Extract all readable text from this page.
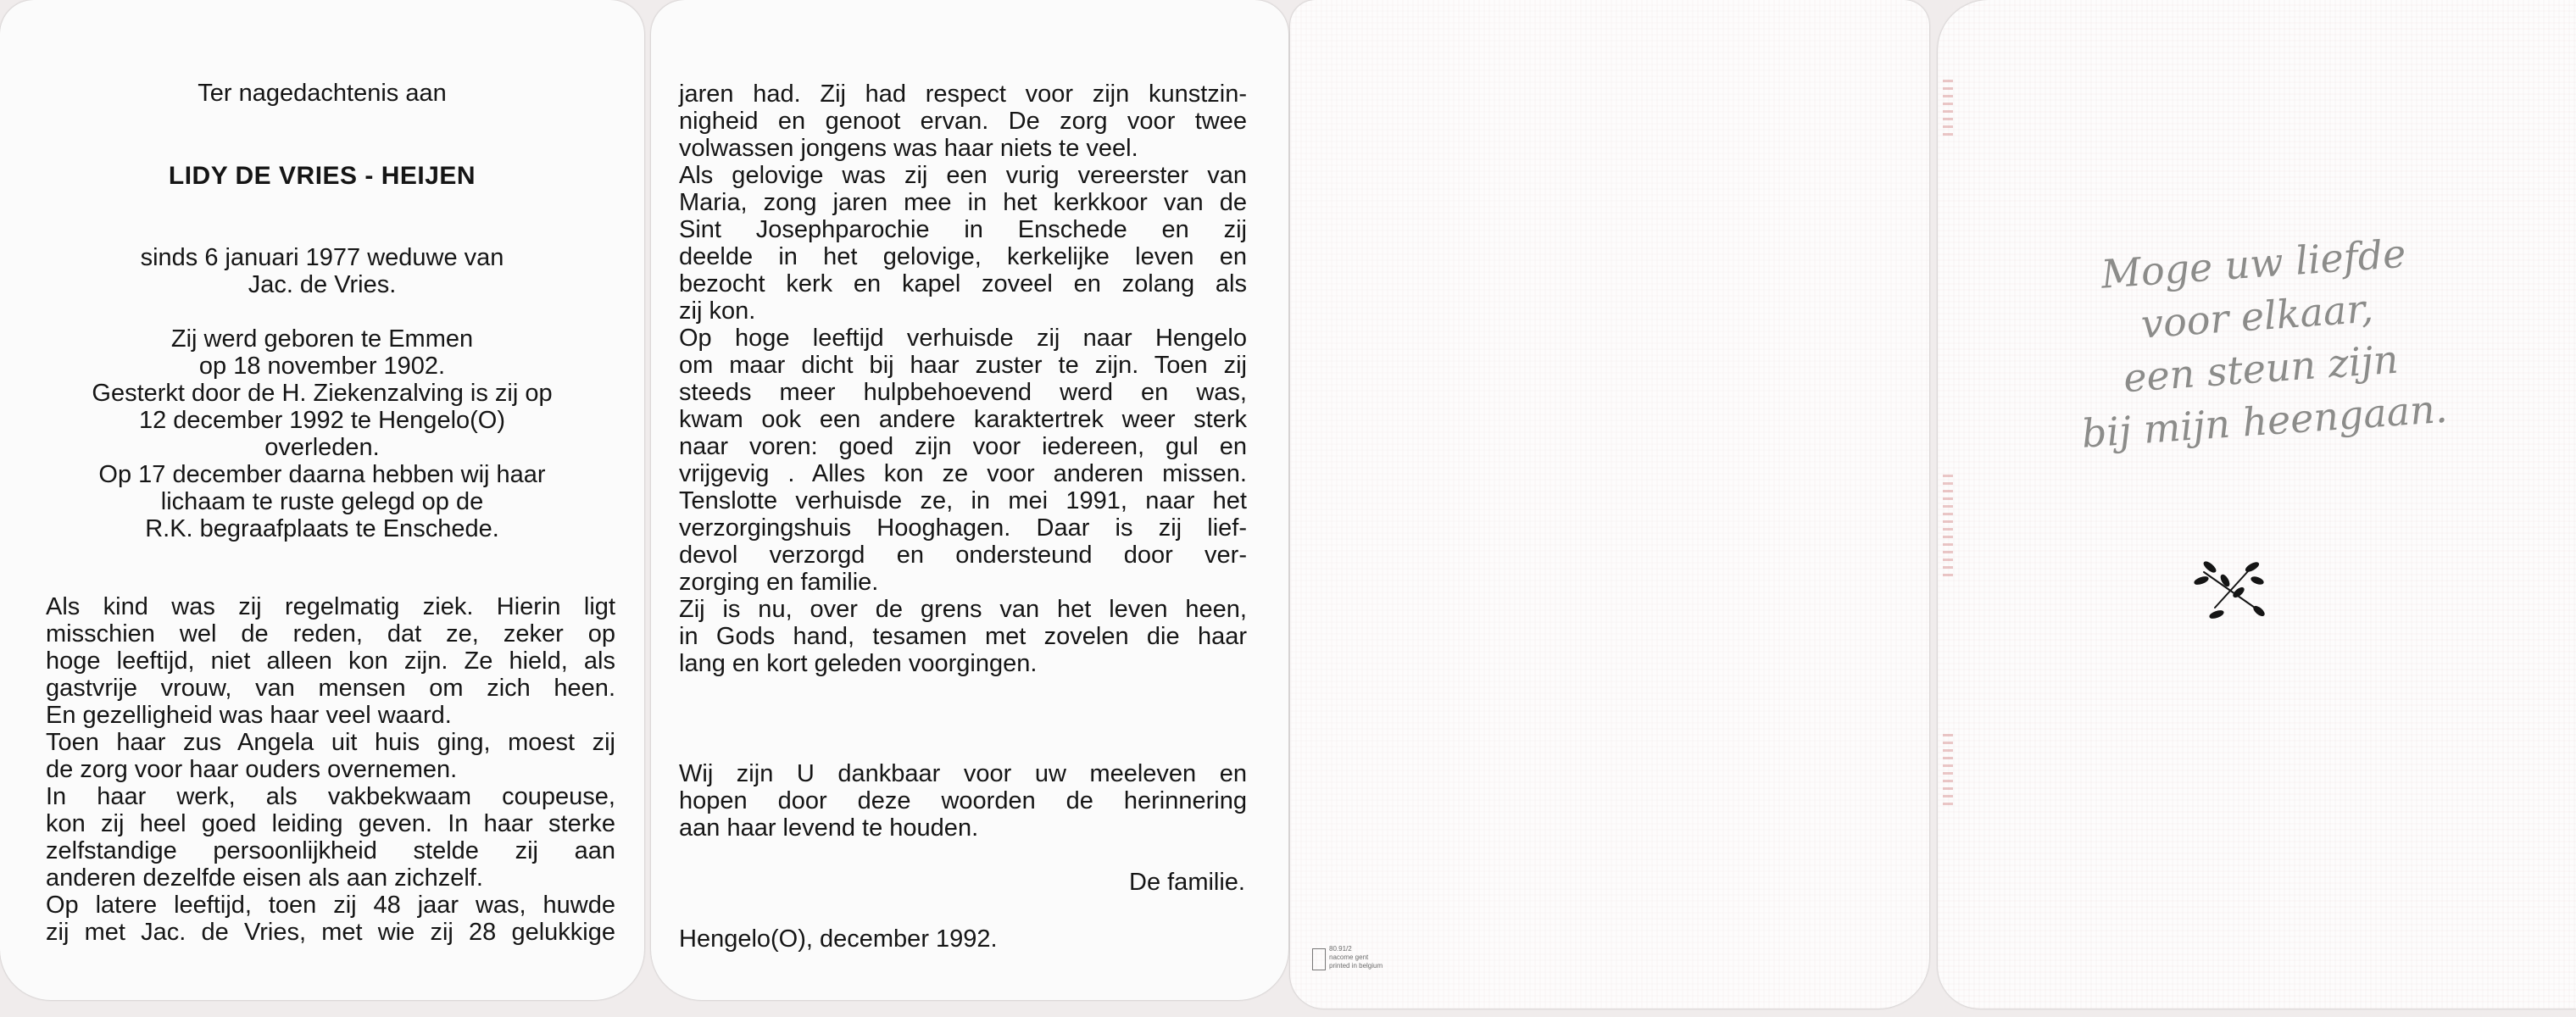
Ter nagedachtenis aan
LIDY DE VRIES - HEIJEN
sinds 6 januari 1977 weduwe van
Jac. de Vries.
Zij werd geboren te Emmen
op 18 november 1902.
Gesterkt door de H. Ziekenzalving is zij op
12 december 1992 te Hengelo(O)
overleden.
Op 17 december daarna hebben wij haar
lichaam te ruste gelegd op de
R.K. begraafplaats te Enschede.
Als kind was zij regelmatig ziek. Hierin ligt
misschien wel de reden, dat ze, zeker op
hoge leeftijd, niet alleen kon zijn. Ze hield, als
gastvrije vrouw, van mensen om zich heen.
En gezelligheid was haar veel waard.
Toen haar zus Angela uit huis ging, moest zij
de zorg voor haar ouders overnemen.
In haar werk, als vakbekwaam coupeuse,
kon zij heel goed leiding geven. In haar sterke
zelfstandige persoonlijkheid stelde zij aan
anderen dezelfde eisen als aan zichzelf.
Op latere leeftijd, toen zij 48 jaar was, huwde
zij met Jac. de Vries, met wie zij 28 gelukkige
jaren had. Zij had respect voor zijn kunstzin-
nigheid en genoot ervan. De zorg voor twee
volwassen jongens was haar niets te veel.
Als gelovige was zij een vurig vereerster van
Maria, zong jaren mee in het kerkkoor van de
Sint Josephparochie in Enschede en zij
deelde in het gelovige, kerkelijke leven en
bezocht kerk en kapel zoveel en zolang als
zij kon.
Op hoge leeftijd verhuisde zij naar Hengelo
om maar dicht bij haar zuster te zijn. Toen zij
steeds meer hulpbehoevend werd en was,
kwam ook een andere karaktertrek weer sterk
naar voren: goed zijn voor iedereen, gul en
vrijgevig . Alles kon ze voor anderen missen.
Tenslotte verhuisde ze, in mei 1991, naar het
verzorgingshuis Hooghagen. Daar is zij lief-
devol verzorgd en ondersteund door ver-
zorging en familie.
Zij is nu, over de grens van het leven heen,
in Gods hand, tesamen met zovelen die haar
lang en kort geleden voorgingen.
Wij zijn U dankbaar voor uw meeleven en
hopen door deze woorden de herinnering
aan haar levend te houden.
De familie.
Hengelo(O), december 1992.	80.91/2
nacome gent
printed in belgium
Moge uw liefde
voor elkaar,
een steun zijn
bij mijn heengaan.
